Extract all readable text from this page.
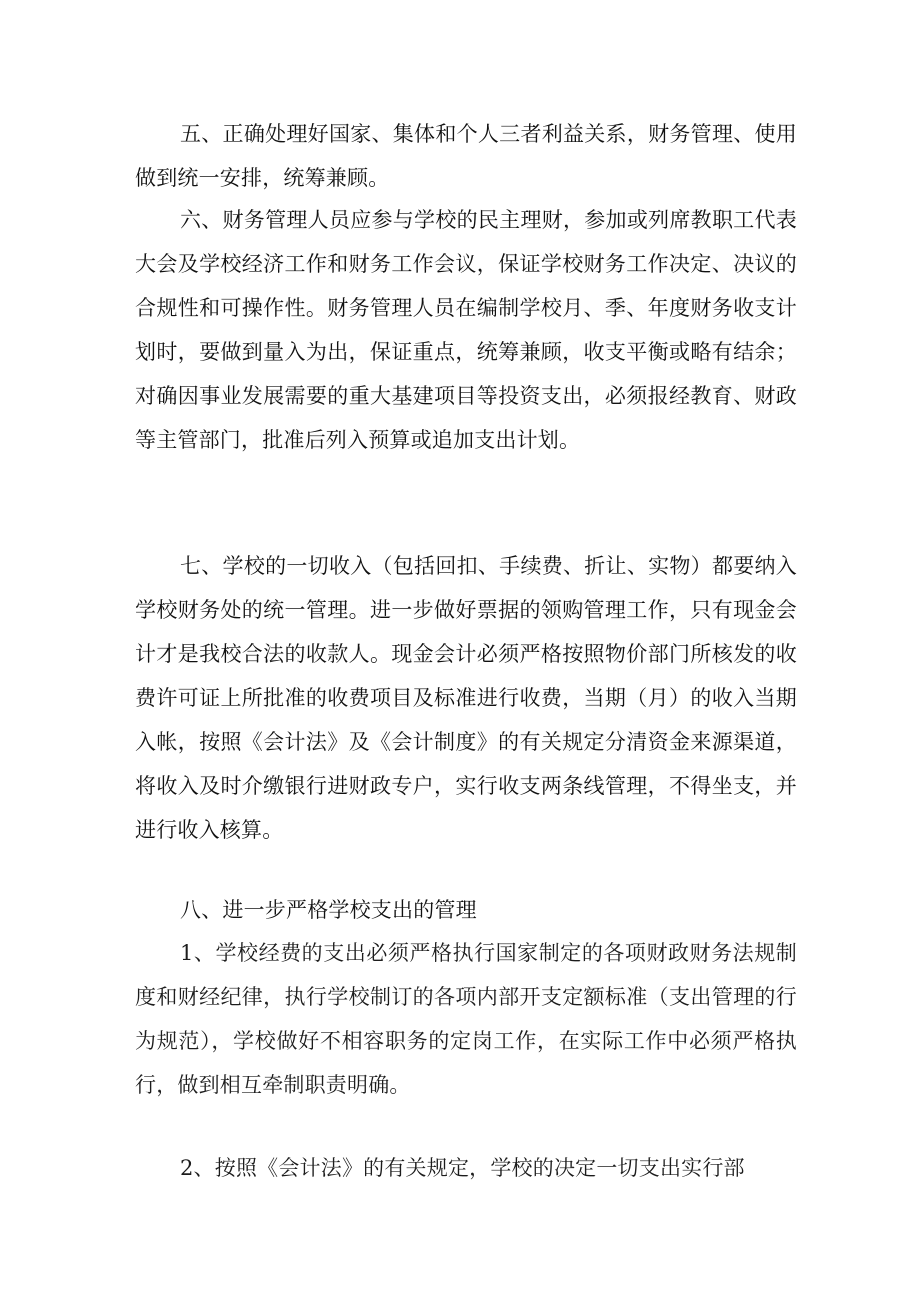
五、正确处理好国家、集体和个人三者利益关系，财务管理、使用做到统一安排，统筹兼顾。

六、财务管理人员应参与学校的民主理财，参加或列席教职工代表大会及学校经济工作和财务工作会议，保证学校财务工作决定、决议的合规性和可操作性。财务管理人员在编制学校月、季、年度财务收支计划时，要做到量入为出，保证重点，统筹兼顾，收支平衡或略有结余；对确因事业发展需要的重大基建项目等投资支出，必须报经教育、财政等主管部门，批准后列入预算或追加支出计划。

七、学校的一切收入（包括回扣、手续费、折让、实物）都要纳入学校财务处的统一管理。进一步做好票据的领购管理工作，只有现金会计才是我校合法的收款人。现金会计必须严格按照物价部门所核发的收费许可证上所批准的收费项目及标准进行收费，当期（月）的收入当期入帐，按照《会计法》及《会计制度》的有关规定分清资金来源渠道，将收入及时介缴银行进财政专户，实行收支两条线管理，不得坐支，并进行收入核算。

八、进一步严格学校支出的管理

1、学校经费的支出必须严格执行国家制定的各项财政财务法规制度和财经纪律，执行学校制订的各项内部开支定额标准（支出管理的行为规范），学校做好不相容职务的定岗工作，在实际工作中必须严格执行，做到相互牵制职责明确。

2、按照《会计法》的有关规定，学校的决定一切支出实行部
